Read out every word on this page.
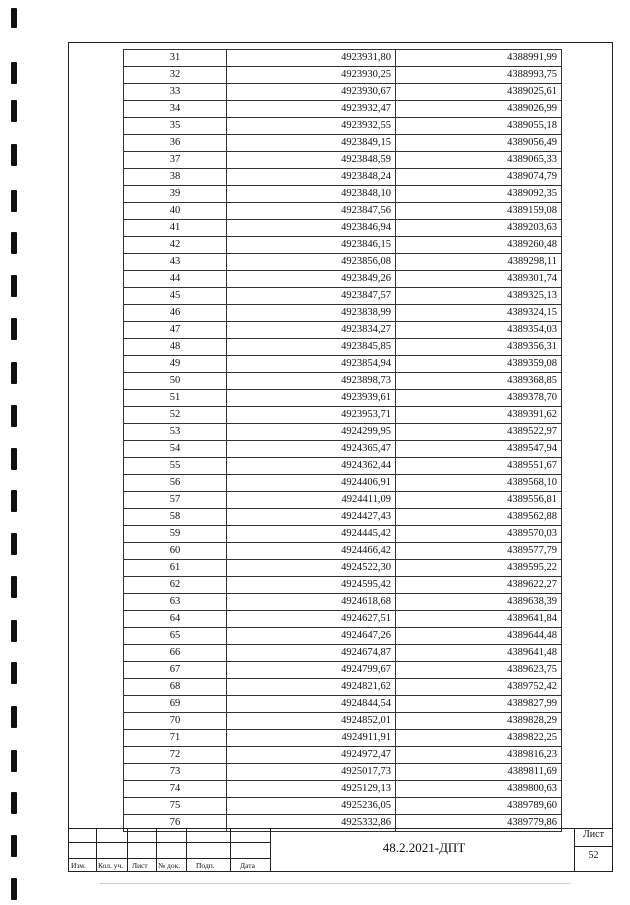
31	4923931,80	4388991,99
32	4923930,25	4388993,75
33	4923930,67	4389025,61
34	4923932,47	4389026,99
35	4923932,55	4389055,18
36	4923849,15	4389056,49
37	4923848,59	4389065,33
38	4923848,24	4389074,79
39	4923848,10	4389092,35
40	4923847,56	4389159,08
41	4923846,94	4389203,63
42	4923846,15	4389260,48
43	4923856,08	4389298,11
44	4923849,26	4389301,74
45	4923847,57	4389325,13
46	4923838,99	4389324,15
47	4923834,27	4389354,03
48	4923845,85	4389356,31
49	4923854,94	4389359,08
50	4923898,73	4389368,85
51	4923939,61	4389378,70
52	4923953,71	4389391,62
53	4924299,95	4389522,97
54	4924365,47	4389547,94
55	4924362,44	4389551,67
56	4924406,91	4389568,10
57	4924411,09	4389556,81
58	4924427,43	4389562,88
59	4924445,42	4389570,03
60	4924466,42	4389577,79
61	4924522,30	4389595,22
62	4924595,42	4389622,27
63	4924618,68	4389638,39
64	4924627,51	4389641,84
65	4924647,26	4389644,48
66	4924674,87	4389641,48
67	4924799,67	4389623,75
68	4924821,62	4389752,42
69	4924844,54	4389827,99
70	4924852,01	4389828,29
71	4924911,91	4389822,25
72	4924972,47	4389816,23
73	4925017,73	4389811,69
74	4925129,13	4389800,63
75	4925236,05	4389789,60
76	4925332,86	4389779,86
Изм. Кол. уч. Лист № док. Подп.	Дата
48.2.2021-ДПТ
Лист
52
